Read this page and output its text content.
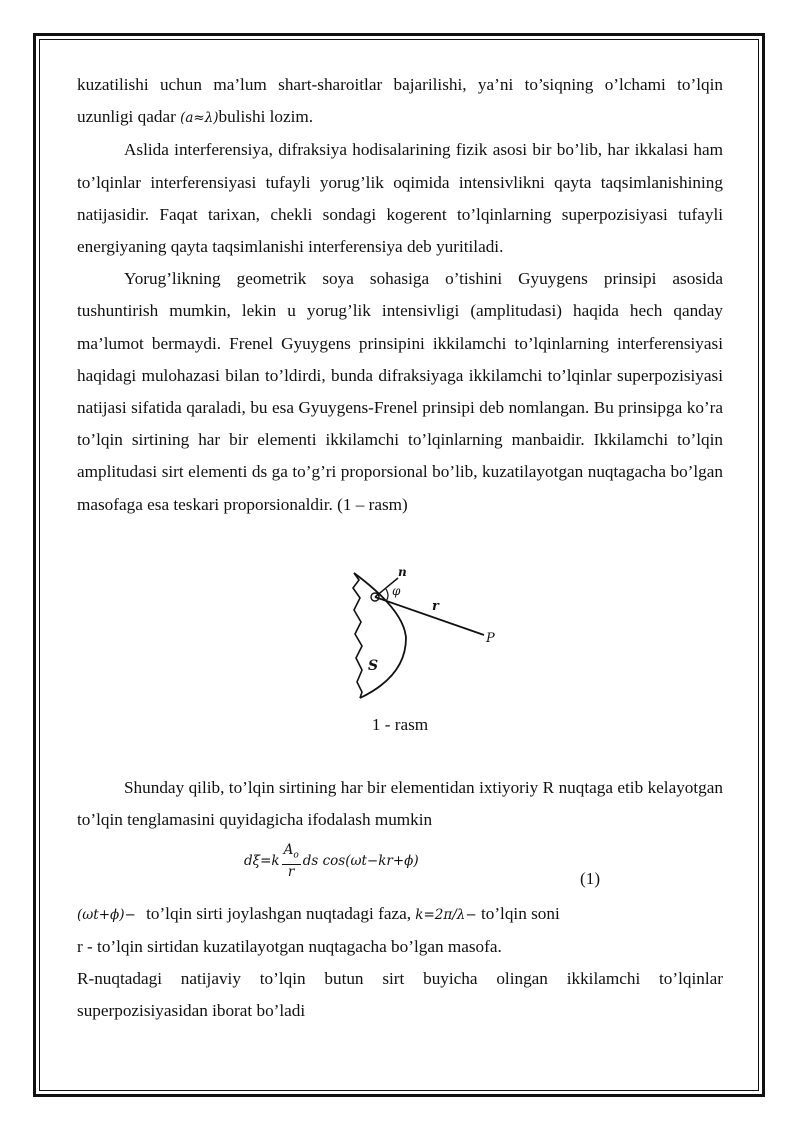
kuzatilishi uchun ma’lum shart-sharoitlar bajarilishi, ya’ni to’siqning o’lchami to’lqin uzunligi qadar (a≈λ)bulishi lozim.

Aslida interferensiya, difraksiya hodisalarining fizik asosi bir bo’lib, har ikkalasi ham to’lqinlar interferensiyasi tufayli yorug’lik oqimida intensivlikni qayta taqsimlanishining natijasidir. Faqat tarixan, chekli sondagi kogerent to’lqinlarning superpozisiyasi tufayli energiyaning qayta taqsimlanishi interferensiya deb yuritiladi.

Yorug’likning geometrik soya sohasiga o’tishini Gyuygens prinsipi asosida tushuntirish mumkin, lekin u yorug’lik intensivligi (amplitudasi) haqida hech qanday ma’lumot bermaydi. Frenel Gyuygens prinsipini ikkilamchi to’lqinlarning interferensiyasi haqidagi mulohazasi bilan to’ldirdi, bunda difraksiyaga ikkilamchi to’lqinlar superpozisiyasi natijasi sifatida qaraladi, bu esa Gyuygens-Frenel prinsipi deb nomlangan. Bu prinsipga ko’ra to’lqin sirtining har bir elementi ikkilamchi to’lqinlarning manbaidir. Ikkilamchi to’lqin amplitudasi sirt elementi ds ga to’g’ri proporsional bo’lib, kuzatilayotgan nuqtagacha bo’lgan masofaga esa teskari proporsionaldir. (1 – rasm)

n
φ
r
P
S
1 - rasm

Shunday qilib, to’lqin sirtining har bir elementidan ixtiyoriy R nuqtaga etib kelayotgan to’lqin tenglamasini quyidagicha ifodalash mumkin

$d\xi=k \frac{A_o}{r}$ ds cos(ωt−kr+ϕ)
(1)
(ωt+ϕ)− to’lqin sirti joylashgan nuqtadagi faza, k=2π/λ− to’lqin soni

r - to’lqin sirtidan kuzatilayotgan nuqtagacha bo’lgan masofa.

R-nuqtadagi natijaviy to’lqin butun sirt buyicha olingan ikkilamchi to’lqinlar superpozisiyasidan iborat bo’ladi
